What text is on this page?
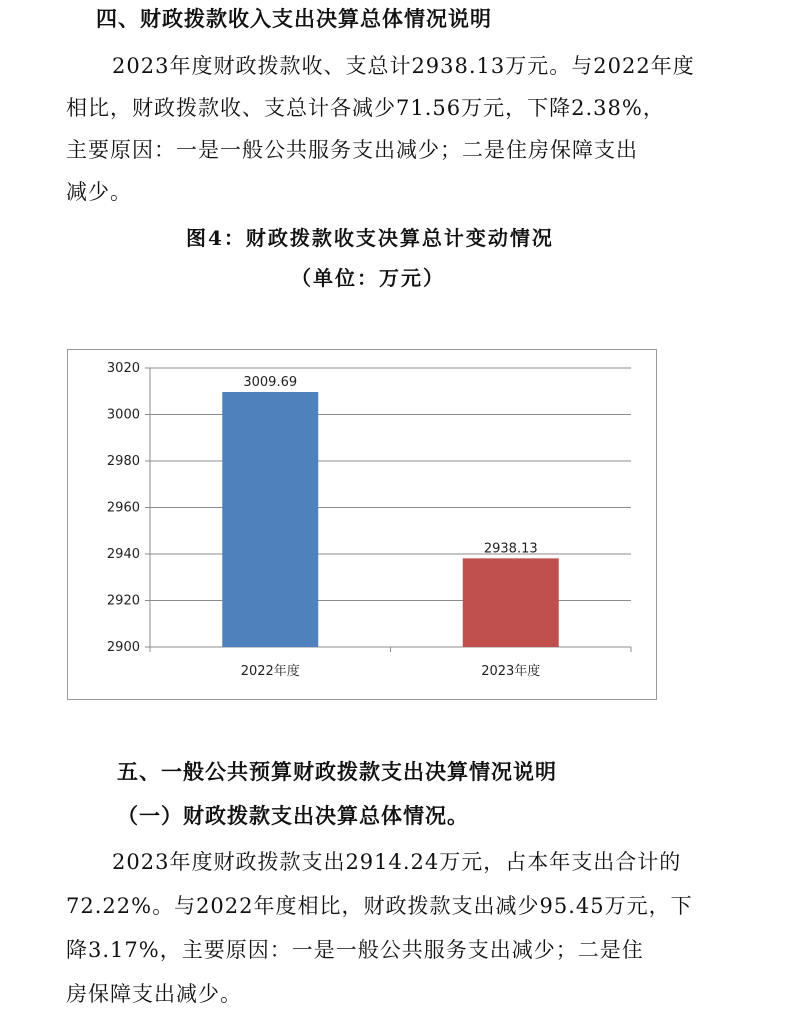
四、财政拨款收入支出决算总体情况说明
2023年度财政拨款收、支总计2938.13万元。与2022年度
相比，财政拨款收、支总计各减少71.56万元，下降2.38%，
主要原因：一是一般公共服务支出减少；二是住房保障支出
减少。
图4：财政拨款收支决算总计变动情况
（单位：万元）
2900
2920
2940
2960
2980
3000
3020
3009.69
2022年度
2938.13
2023年度
五、一般公共预算财政拨款支出决算情况说明
（一）财政拨款支出决算总体情况。
2023年度财政拨款支出2914.24万元，占本年支出合计的
72.22%。与2022年度相比，财政拨款支出减少95.45万元，下
降3.17%，主要原因：一是一般公共服务支出减少；二是住
房保障支出减少。
